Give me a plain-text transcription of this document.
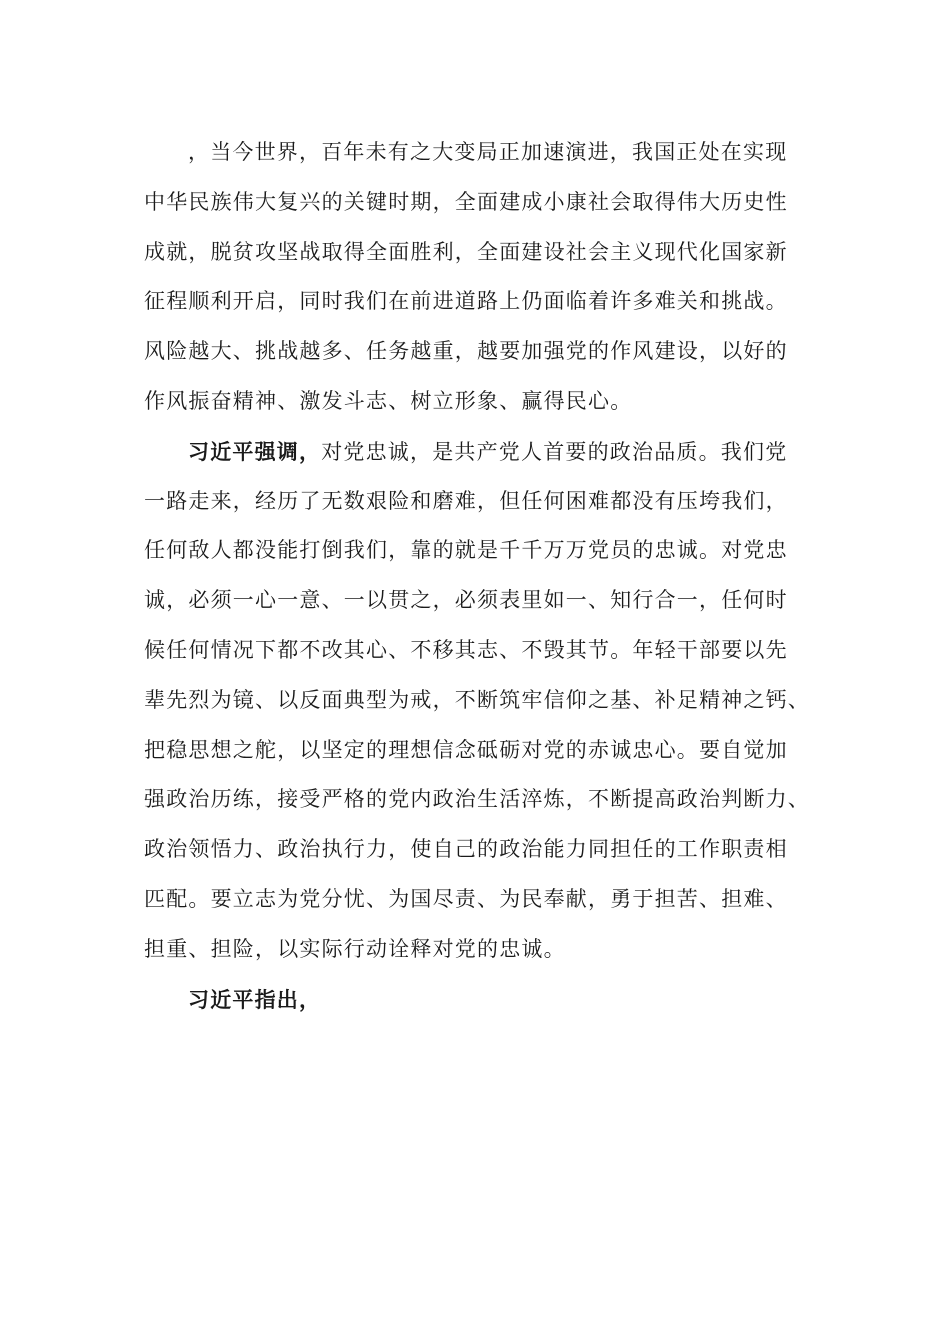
，当今世界，百年未有之大变局正加速演进，我国正处在实现
中华民族伟大复兴的关键时期，全面建成小康社会取得伟大历史性
成就，脱贫攻坚战取得全面胜利，全面建设社会主义现代化国家新
征程顺利开启，同时我们在前进道路上仍面临着许多难关和挑战。
风险越大、挑战越多、任务越重，越要加强党的作风建设，以好的
作风振奋精神、激发斗志、树立形象、赢得民心。
习近平强调，对党忠诚，是共产党人首要的政治品质。我们党
一路走来，经历了无数艰险和磨难，但任何困难都没有压垮我们，
任何敌人都没能打倒我们，靠的就是千千万万党员的忠诚。对党忠
诚，必须一心一意、一以贯之，必须表里如一、知行合一，任何时
候任何情况下都不改其心、不移其志、不毁其节。年轻干部要以先
辈先烈为镜、以反面典型为戒，不断筑牢信仰之基、补足精神之钙、
把稳思想之舵，以坚定的理想信念砥砺对党的赤诚忠心。要自觉加
强政治历练，接受严格的党内政治生活淬炼，不断提高政治判断力、
政治领悟力、政治执行力，使自己的政治能力同担任的工作职责相
匹配。要立志为党分忧、为国尽责、为民奉献，勇于担苦、担难、
担重、担险，以实际行动诠释对党的忠诚。
习近平指出，
